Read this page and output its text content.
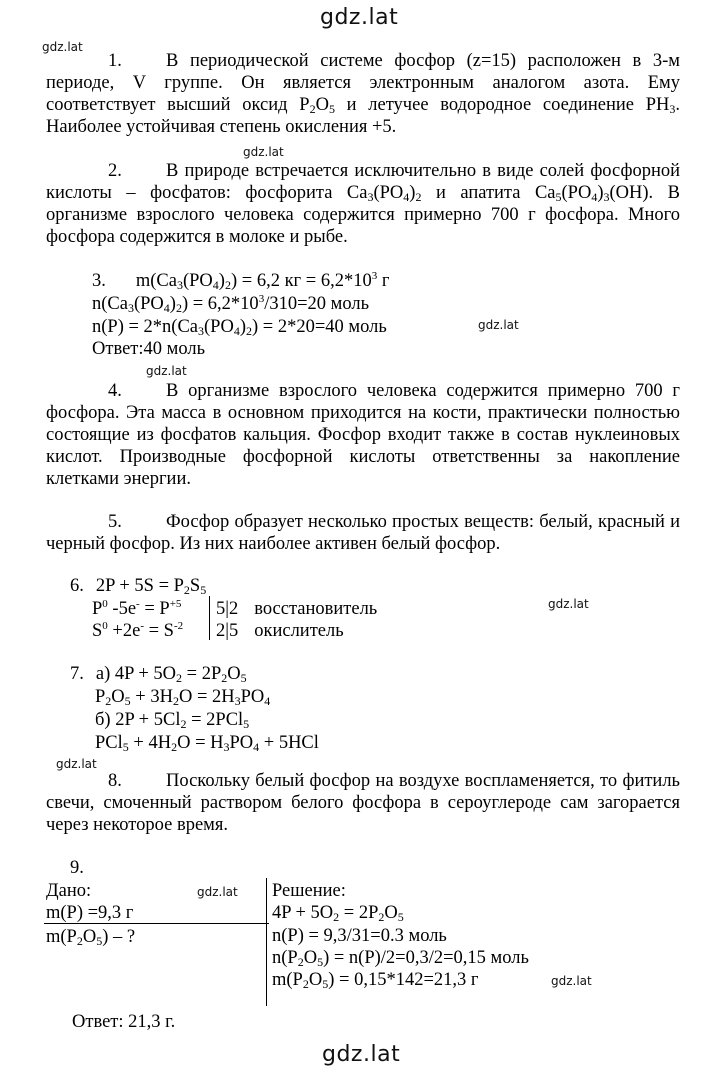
gdz.lat
gdz.lat
gdz.lat
gdz.lat
gdz.lat
gdz.lat
gdz.lat
gdz.lat
gdz.lat
gdz.lat
1. В периодической системе фосфор (z=15) расположен в 3-м периоде, V группе. Он является электронным аналогом азота. Ему соответствует высший оксид $P_2O_5$ и летучее водородное соединение $PH_3$. Наиболее устойчивая степень окисления +5.
2. В природе встречается исключительно в виде солей фосфорной кислоты – фосфатов: фосфорита $Ca_3(PO_4)_2$ и апатита $Ca_5(PO_4)_3(OH)$. В организме взрослого человека содержится примерно 700 г фосфора. Много фосфора содержится в молоке и рыбе.
3. $m(Ca_3(PO_4)_2) = 6,2$ кг = $6,2*10^3$ г
$n(Ca_3(PO_4)_2) = 6,2*10^3/310=20$ моль
$n(P) = 2*n(Ca_3(PO_4)_2) = 2*20=40$ моль
Ответ:40 моль
4. В организме взрослого человека содержится примерно 700 г фосфора. Эта масса в основном приходится на кости, практически полностью состоящие из фосфатов кальция. Фосфор входит также в состав нуклеиновых кислот. Производные фосфорной кислоты ответственны за накопление клетками энергии.
5. Фосфор образует несколько простых веществ: белый, красный и черный фосфор. Из них наиболее активен белый фосфор.
6. $2P + 5S = P_2S_5$
$P^0$ $-5e^- = P^{+5}$
$S^0 +2e^- = S^{-2}$
5|2 восстановитель
2|5 окислитель
7. а) $4P + 5O_2 = 2P_2O_5$
$P_2O_5 + 3H_2O = 2H_3PO_4$
б) $2P + 5Cl_2 = 2PCl_5$
$PCl_5 + 4H_2O = H_3PO_4 + 5HCl$
8. Поскольку белый фосфор на воздухе воспламеняется, то фитиль свечи, смоченный раствором белого фосфора в сероуглероде сам загорается через некоторое время.
9.
Дано:
m(P) =9,3 г
$m(P_2O_5)$ – ?
Решение:
$4P + 5O_2 = 2P_2O_5$
n(P) = 9,3/31=0.3 моль
$n(P_2O_5) = n(P)/2=0,3/2=0,15$ моль
$m(P_2O_5) = 0,15*142=21,3$ г
Ответ: 21,3 г.
